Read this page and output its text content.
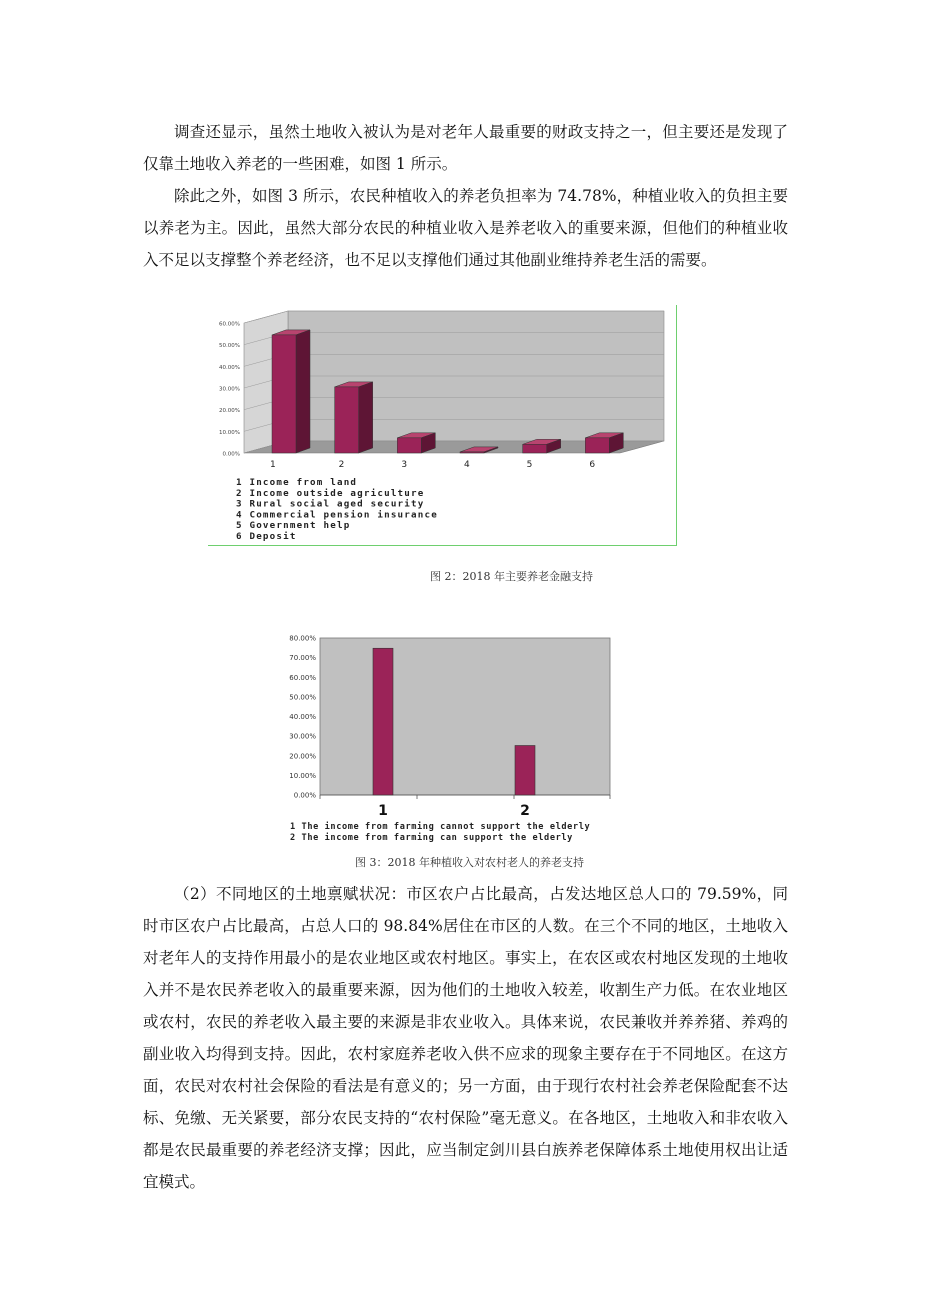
调查还显示，虽然土地收入被认为是对老年人最重要的财政支持之一，但主要还是发现了仅靠土地收入养老的一些困难，如图 1 所示。

除此之外，如图 3 所示，农民种植收入的养老负担率为 74.78%，种植业收入的负担主要以养老为主。因此，虽然大部分农民的种植业收入是养老收入的重要来源，但他们的种植业收入不足以支撑整个养老经济，也不足以支撑他们通过其他副业维持养老生活的需要。

0.00%
10.00%
20.00%
30.00%
40.00%
50.00%
60.00%
1	2	3	4	5	6
1 Income from land
2 Income outside agriculture
3 Rural social aged security
4 Commercial pension insurance
5 Government help
6 Deposit
图 2：2018 年主要养老金融支持
0.00%
10.00%
20.00%
30.00%
40.00%
50.00%
60.00%
70.00%
80.00%
1	2
1 The income from farming cannot support the elderly
2 The income from farming can support the elderly
图 3：2018 年种植收入对农村老人的养老支持

（2）不同地区的土地禀赋状况：市区农户占比最高，占发达地区总人口的 79.59%，同时市区农户占比最高，占总人口的 98.84%居住在市区的人数。在三个不同的地区，土地收入对老年人的支持作用最小的是农业地区或农村地区。事实上，在农区或农村地区发现的土地收入并不是农民养老收入的最重要来源，因为他们的土地收入较差，收割生产力低。在农业地区或农村，农民的养老收入最主要的来源是非农业收入。具体来说，农民兼收并养养猪、养鸡的副业收入均得到支持。因此，农村家庭养老收入供不应求的现象主要存在于不同地区。在这方面，农民对农村社会保险的看法是有意义的；另一方面，由于现行农村社会养老保险配套不达标、免缴、无关紧要，部分农民支持的“农村保险”毫无意义。在各地区，土地收入和非农收入都是农民最重要的养老经济支撑；因此，应当制定剑川县白族养老保障体系土地使用权出让适宜模式。
